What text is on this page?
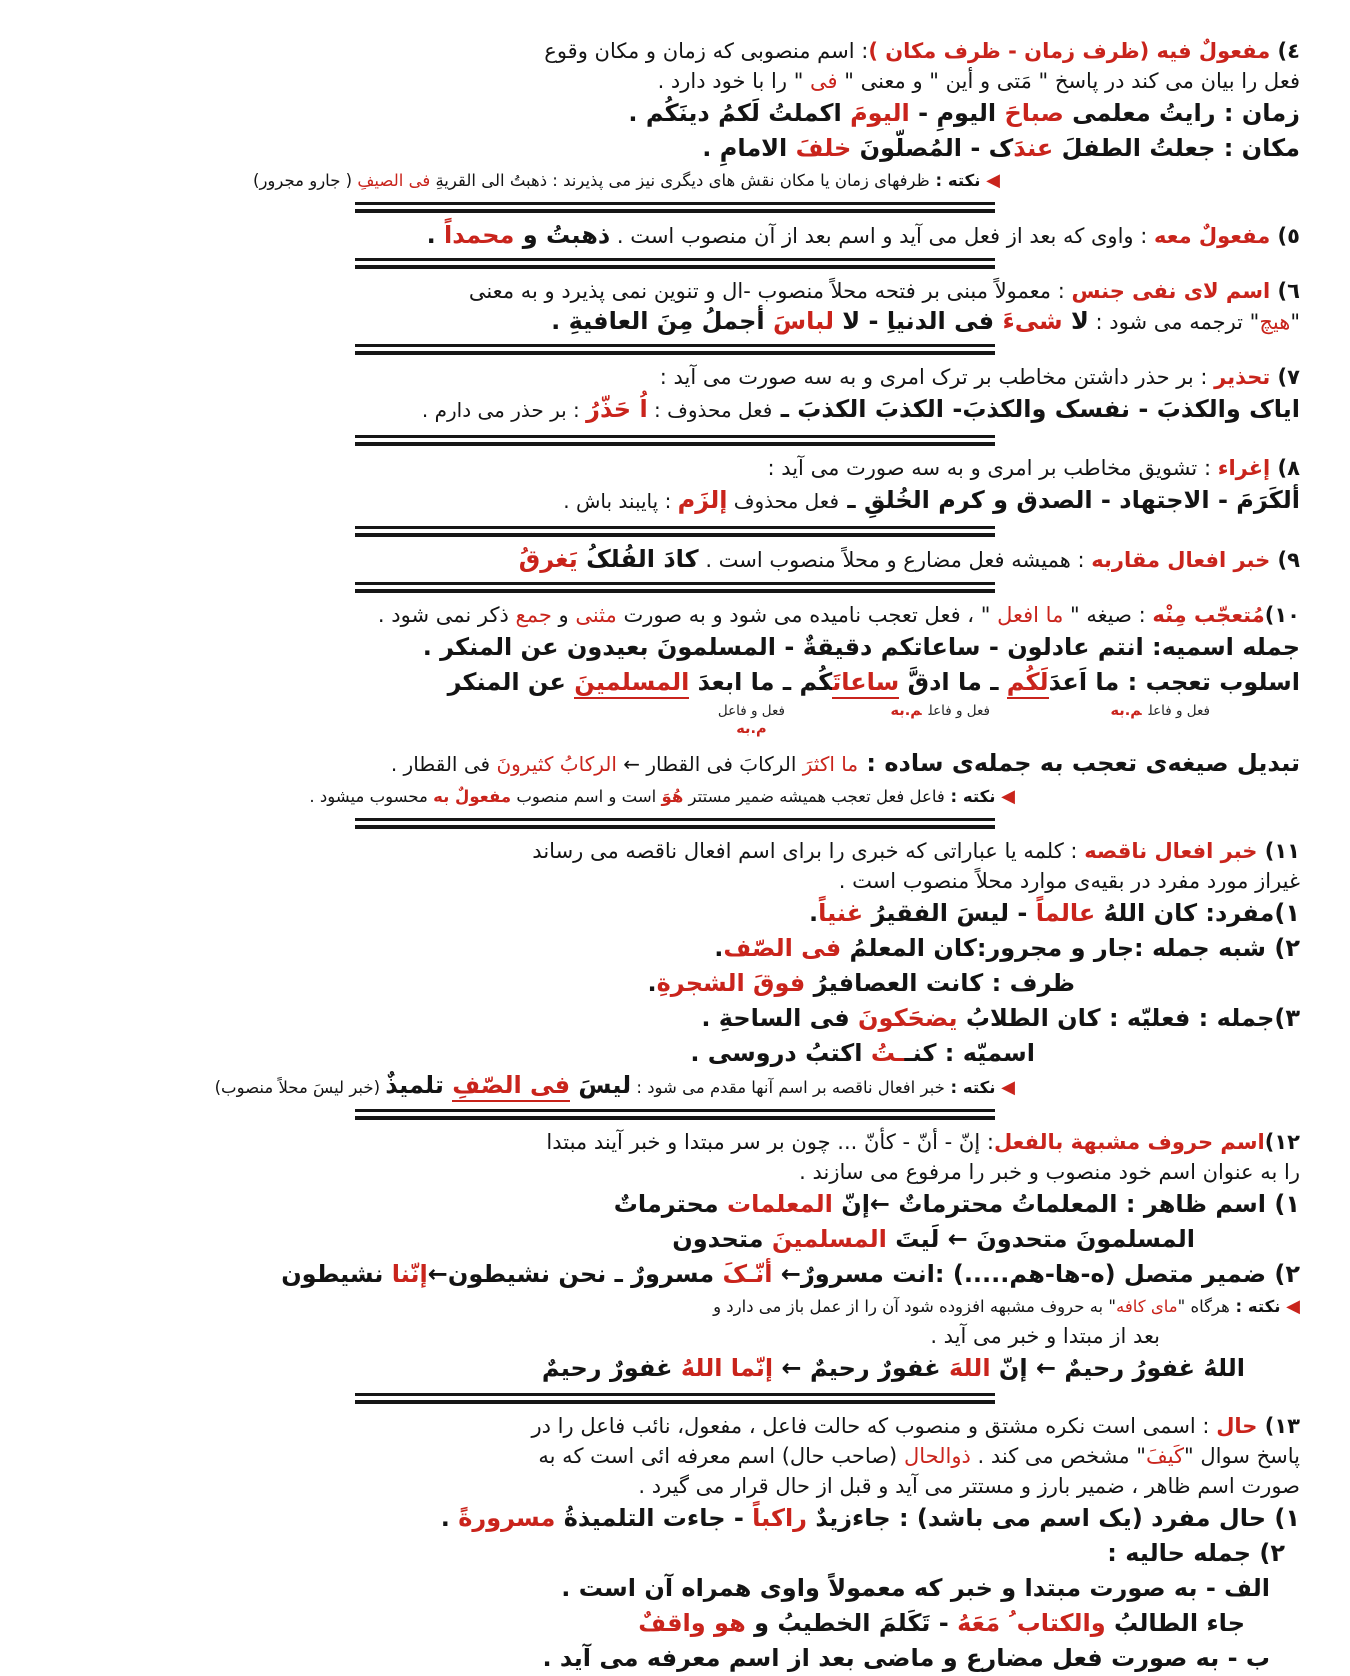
٤) مفعولٌ فیه (ظرف زمان - ظرف مکان ): اسم منصوبی که زمان و مکان وقوع
فعل را بیان می کند در پاسخ " مَتی و أین " و معنی " فی " را با خود دارد .
زمان : رایتُ معلمی صباحَ الیومِ - الیومَ اکملتُ لَکمُ دینَکُم .
مکان : جعلتُ الطفلَ عندَک - المُصلّونَ خلفَ الامامِ .
◀ نکته : ظرفهای زمان یا مکان نقش های دیگری نیز می پذیرند : ذهبتُ الی القریةِ فی الصیفِ ( جارو مجرور)
٥) مفعولٌ معه : واوی که بعد از فعل می آید و اسم بعد از آن منصوب است . ذهبتُ و محمداً .
٦) اسم لای نفی جنس : معمولاً مبنی بر فتحه محلاً منصوب -ال و تنوین نمی پذیرد و به معنی
"هیچ" ترجمه می شود : لا شیءَ فی الدنیاِ - لا لباسَ أجملُ مِنَ العافیةِ .
٧) تحذیر : بر حذر داشتن مخاطب بر ترک امری و به سه صورت می آید :
ایاک والکذبَ - نفسک والکذبَ- الکذبَ الکذبَ ـ فعل محذوف : اُ حَذّرُ : بر حذر می دارم .
٨) إغراء : تشویق مخاطب بر امری و به سه صورت می آید :
ألکَرَمَ - الاجتهاد - الصدق و کرم الخُلقِ ـ فعل محذوف إلزَم : پایبند باش .
٩) خبر افعال مقاربه : همیشه فعل مضارع و محلاً منصوب است . کادَ الفُلکُ یَغرقُ
۱۰)مُتعجّب مِنْه : صیغه " ما افعل " ، فعل تعجب نامیده می شود و به صورت مثنی و جمع ذکر نمی شود .
جمله اسمیه: انتم عادلون - ساعاتکم دقیقةٌ - المسلمونَ بعیدون عن المنکر .
اسلوب تعجب : ما اَعدَلَکُم ـ ما ادقَّ ساعاتَکُم ـ ما ابعدَ المسلمینَ عن المنکر
فعل و فاعلم.به
فعل و فاعلم.به
فعل و فاعل
م.به
تبدیل صیغه‌ی تعجب به جمله‌ی ساده : ما اکثرَ الرکابَ فی القطار ← الرکابُ کثیرونَ فی القطار .
◀ نکته : فاعل فعل تعجب همیشه ضمیر مستتر هُوَ است و اسم منصوب مفعولٌ به محسوب میشود .
۱۱) خبر افعال ناقصه : کلمه یا عباراتی که خبری را برای اسم افعال ناقصه می رساند
غیراز مورد مفرد در بقیه‌ی موارد محلاً منصوب است .
۱)مفرد: کان اللهُ عالماً - لیسَ الفقیرُ غنیاً.
۲) شبه جمله :جار و مجرور:کان المعلمُ فی الصّف.
ظرف : کانت العصافیرُ فوقَ الشجرةِ.
۳)جمله : فعلیّه : کان الطلابُ یضحَکونَ فی الساحةِ .
اسمیّه : کنــتُ اکتبُ دروسی .
◀ نکته : خبر افعال ناقصه بر اسم آنها مقدم می شود : لیسَ فی الصّفِ تلمیذٌ (خبر لیسَ محلاً منصوب)
۱۲)اسم حروف مشبهة بالفعل: إنّ - أنّ - کأنّ ... چون بر سر مبتدا و خبر آیند مبتدا
را به عنوان اسم خود منصوب و خبر را مرفوع می سازند .
۱) اسم ظاهر : المعلماتُ محترماتٌ ←إنّ المعلمات محترماتٌ
المسلمونَ متحدونَ ← لَیتَ المسلمینَ متحدون
۲) ضمیر متصل (ه-ها-هم.....) :انت مسرورٌ← أنّـکَ مسرورٌ ـ نحن نشیطون←إنّنا نشیطون
◀ نکته : هرگاه "مای کافه" به حروف مشبهه افزوده شود آن را از عمل باز می دارد و
بعد از مبتدا و خبر می آید .
اللهُ غفورُ رحیمٌ ← إنّ اللهَ غفورٌ رحیمٌ ← إنّما اللهُ غفورٌ رحیمٌ
۱۳) حال : اسمی است نکره مشتق و منصوب که حالت فاعل ، مفعول، نائب فاعل را در
پاسخ سوال "کَیفَ" مشخص می کند . ذوالحال (صاحب حال) اسم معرفه ائی است که به
صورت اسم ظاهر ، ضمیر بارز و مستتر می آید و قبل از حال قرار می گیرد .
۱) حال مفرد (یک اسم می باشد) : جاءزیدٌ راکباً - جاءت التلمیذةُ مسرورةً .
۲) جمله حالیه :
الف - به صورت مبتدا و خبر که معمولاً واوی همراه آن است .
جاء الطالبُ والکتاب ُ مَعَهُ - تَکَلمَ الخطیبُ و هو واقفٌ
ب - به صورت فعل مضارع و ماضی بعد از اسم معرفه می آید .
